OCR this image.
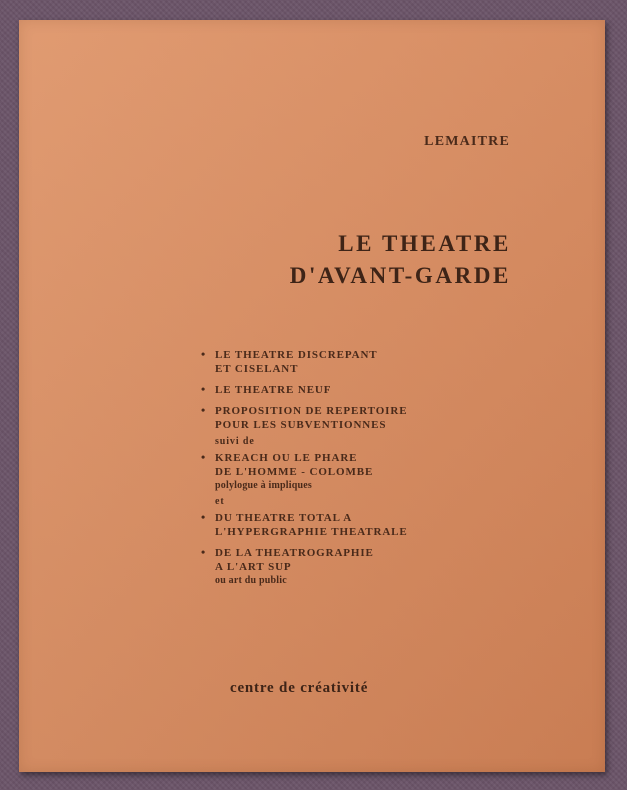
LEMAITRE
LE THEATRE
D'AVANT-GARDE
• LE THEATRE DISCREPANT
ET CISELANT
• LE THEATRE NEUF
• PROPOSITION DE REPERTOIRE
POUR LES SUBVENTIONNES
suivi de
• KREACH OU LE PHARE
DE L'HOMME - COLOMBE
polylogue à impliques
et
• DU THEATRE TOTAL A
L'HYPERGRAPHIE THEATRALE
• DE LA THEATROGRAPHIE
A L'ART SUP
ou art du public
centre de créativité
